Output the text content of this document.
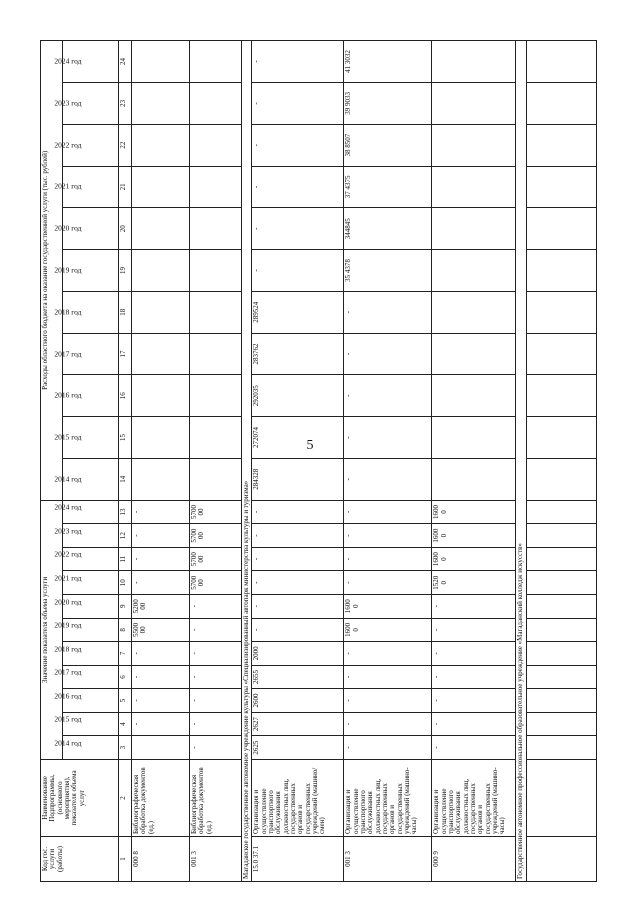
5
Код гос. услуги (работы)	Наименование Подпрограммы, (основного мероприятия), показателя объема услуг	Значение показателя объема услуги											Расходы областного бюджета на оказание государственной услуги (тыс. рублей)										
		2014 год	2015 год	2016 год	2017 год	2018 год	2019 год	2020 год	2021 год	2022 год	2023 год	2024 год	2014 год	2015 год	2016 год	2017 год	2018 год	2019 год	2020 год	2021 год	2022 год	2023 год	2024 год
1	2	3	4	5	6	7	8	9	10	11	12	13	14	15	16	17	18	19	20	21	22	23	24
000 8	Библиографическая обработка документов (ед.)		-	-	-	-	5500 00	5200 00	-	-	-	-											
001 3	Библиографическая обработка документов (ед.)	-	-	-	-	-	-	-	5700 00	5700 00	5700 00	5700 00											
Магаданское государственное автономное учреждение культуры «Специализированный автопарк министерства культуры и туризма»																							
15.0 37.1	Организация и осуществление транспортного обслуживания должностных лиц, государственных органов и государственных учреждений (машино/смен)	2625	2627	2600	2655	2000	-	-	-	-	-	-	284328	272074	292035	283762	289524	-	-	-	-	-	-
001 3	Организация и осуществление транспортного обслуживания должностных лиц, государственных органов и государственных учреждений (машино-часы)	-	-	-	-	-	1600 0	1600 0	-	-	-	-	-	-	-	-	-	35 4378	344845	37 4375	38 8507	39 9033	41 3032
000 9	Организация и осуществление транспортного обслуживания должностных лиц, государственных органов и государственных учреждений (машино-часы)	-	-	-	-	-	-	-	1520 0	1600 0	1600 0	1600 0											
Государственное автономное профессиональное образовательное учреждение «Магаданский колледж искусств»																							
